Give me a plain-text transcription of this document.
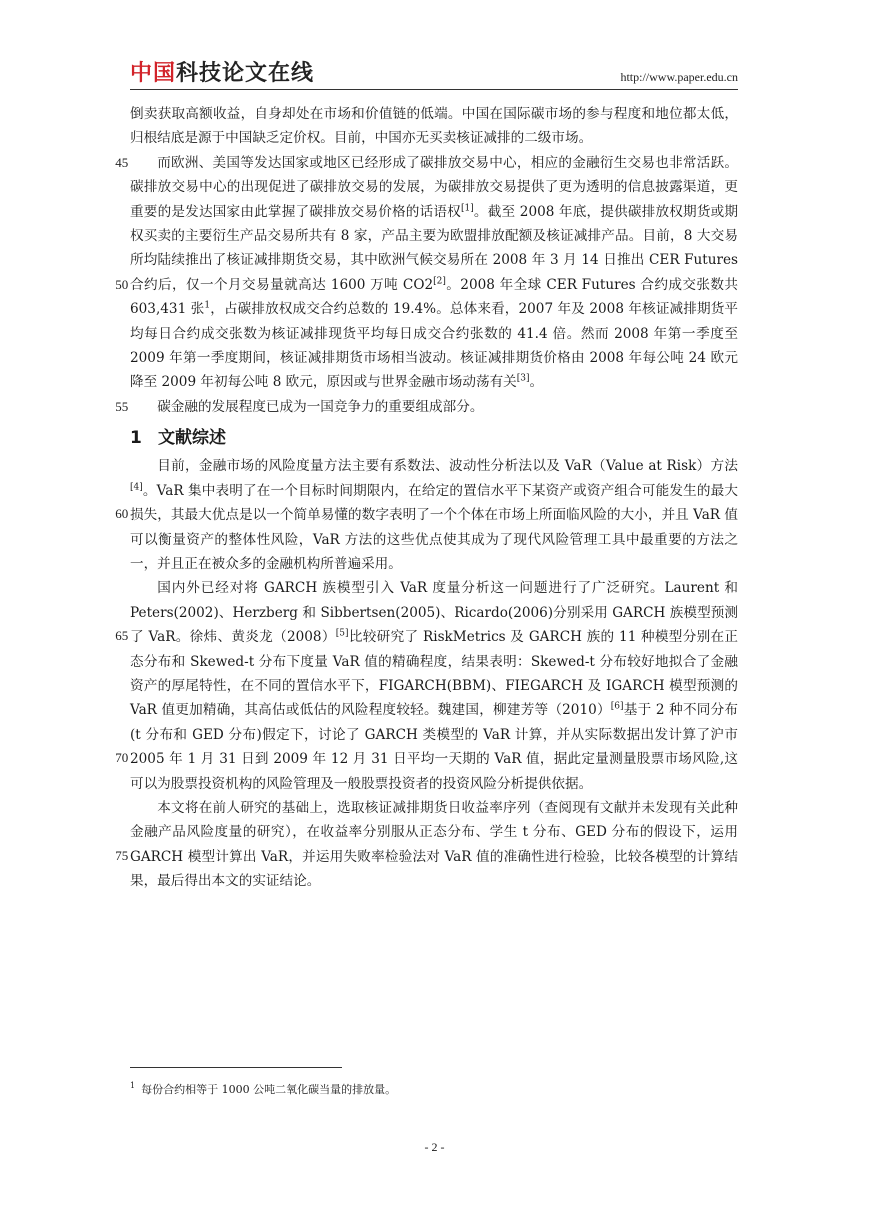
中国科技论文在线	http://www.paper.edu.cn

倒卖获取高额收益，自身却处在市场和价值链的低端。中国在国际碳市场的参与程度和地位都太低，归根结底是源于中国缺乏定价权。目前，中国亦无买卖核证减排的二级市场。

45
50
55
而欧洲、美国等发达国家或地区已经形成了碳排放交易中心，相应的金融衍生交易也非常活跃。碳排放交易中心的出现促进了碳排放交易的发展，为碳排放交易提供了更为透明的信息披露渠道，更重要的是发达国家由此掌握了碳排放交易价格的话语权[1]。截至 2008 年底，提供碳排放权期货或期权买卖的主要衍生产品交易所共有 8 家，产品主要为欧盟排放配额及核证减排产品。目前，8 大交易所均陆续推出了核证减排期货交易，其中欧洲气候交易所在 2008 年 3 月 14 日推出 CER Futures 合约后，仅一个月交易量就高达 1600 万吨 CO2[2]。2008 年全球 CER Futures 合约成交张数共 603,431 张$^1$，占碳排放权成交合约总数的 19.4%。总体来看，2007 年及 2008 年核证减排期货平均每日合约成交张数为核证减排现货平均每日成交合约张数的 41.4 倍。然而 2008 年第一季度至 2009 年第一季度期间，核证减排期货市场相当波动。核证减排期货价格由 2008 年每公吨 24 欧元降至 2009 年初每公吨 8 欧元，原因或与世界金融市场动荡有关[3]。

碳金融的发展程度已成为一国竞争力的重要组成部分。

1 文献综述

60
目前，金融市场的风险度量方法主要有系数法、波动性分析法以及 VaR（Value at Risk）方法[4]。VaR 集中表明了在一个目标时间期限内，在给定的置信水平下某资产或资产组合可能发生的最大损失，其最大优点是以一个简单易懂的数字表明了一个个体在市场上所面临风险的大小，并且 VaR 值可以衡量资产的整体性风险，VaR 方法的这些优点使其成为了现代风险管理工具中最重要的方法之一，并且正在被众多的金融机构所普遍采用。

65
70
国内外已经对将 GARCH 族模型引入 VaR 度量分析这一问题进行了广泛研究。Laurent 和 Peters(2002)、Herzberg 和 Sibbertsen(2005)、Ricardo(2006)分别采用 GARCH 族模型预测了 VaR。徐炜、黄炎龙（2008）[5]比较研究了 RiskMetrics 及 GARCH 族的 11 种模型分别在正态分布和 Skewed-t 分布下度量 VaR 值的精确程度，结果表明：Skewed-t 分布较好地拟合了金融资产的厚尾特性，在不同的置信水平下，FIGARCH(BBM)、FIEGARCH 及 IGARCH 模型预测的 VaR 值更加精确，其高估或低估的风险程度较轻。魏建国，柳建芳等（2010）[6]基于 2 种不同分布(t 分布和 GED 分布)假定下，讨论了 GARCH 类模型的 VaR 计算，并从实际数据出发计算了沪市 2005 年 1 月 31 日到 2009 年 12 月 31 日平均一天期的 VaR 值，据此定量测量股票市场风险,这可以为股票投资机构的风险管理及一般股票投资者的投资风险分析提供依据。

75
本文将在前人研究的基础上，选取核证减排期货日收益率序列（查阅现有文献并未发现有关此种金融产品风险度量的研究），在收益率分别服从正态分布、学生 t 分布、GED 分布的假设下，运用 GARCH 模型计算出 VaR，并运用失败率检验法对 VaR 值的准确性进行检验，比较各模型的计算结果，最后得出本文的实证结论。

$^1$ 每份合约相等于 1000 公吨二氧化碳当量的排放量。
- 2 -
